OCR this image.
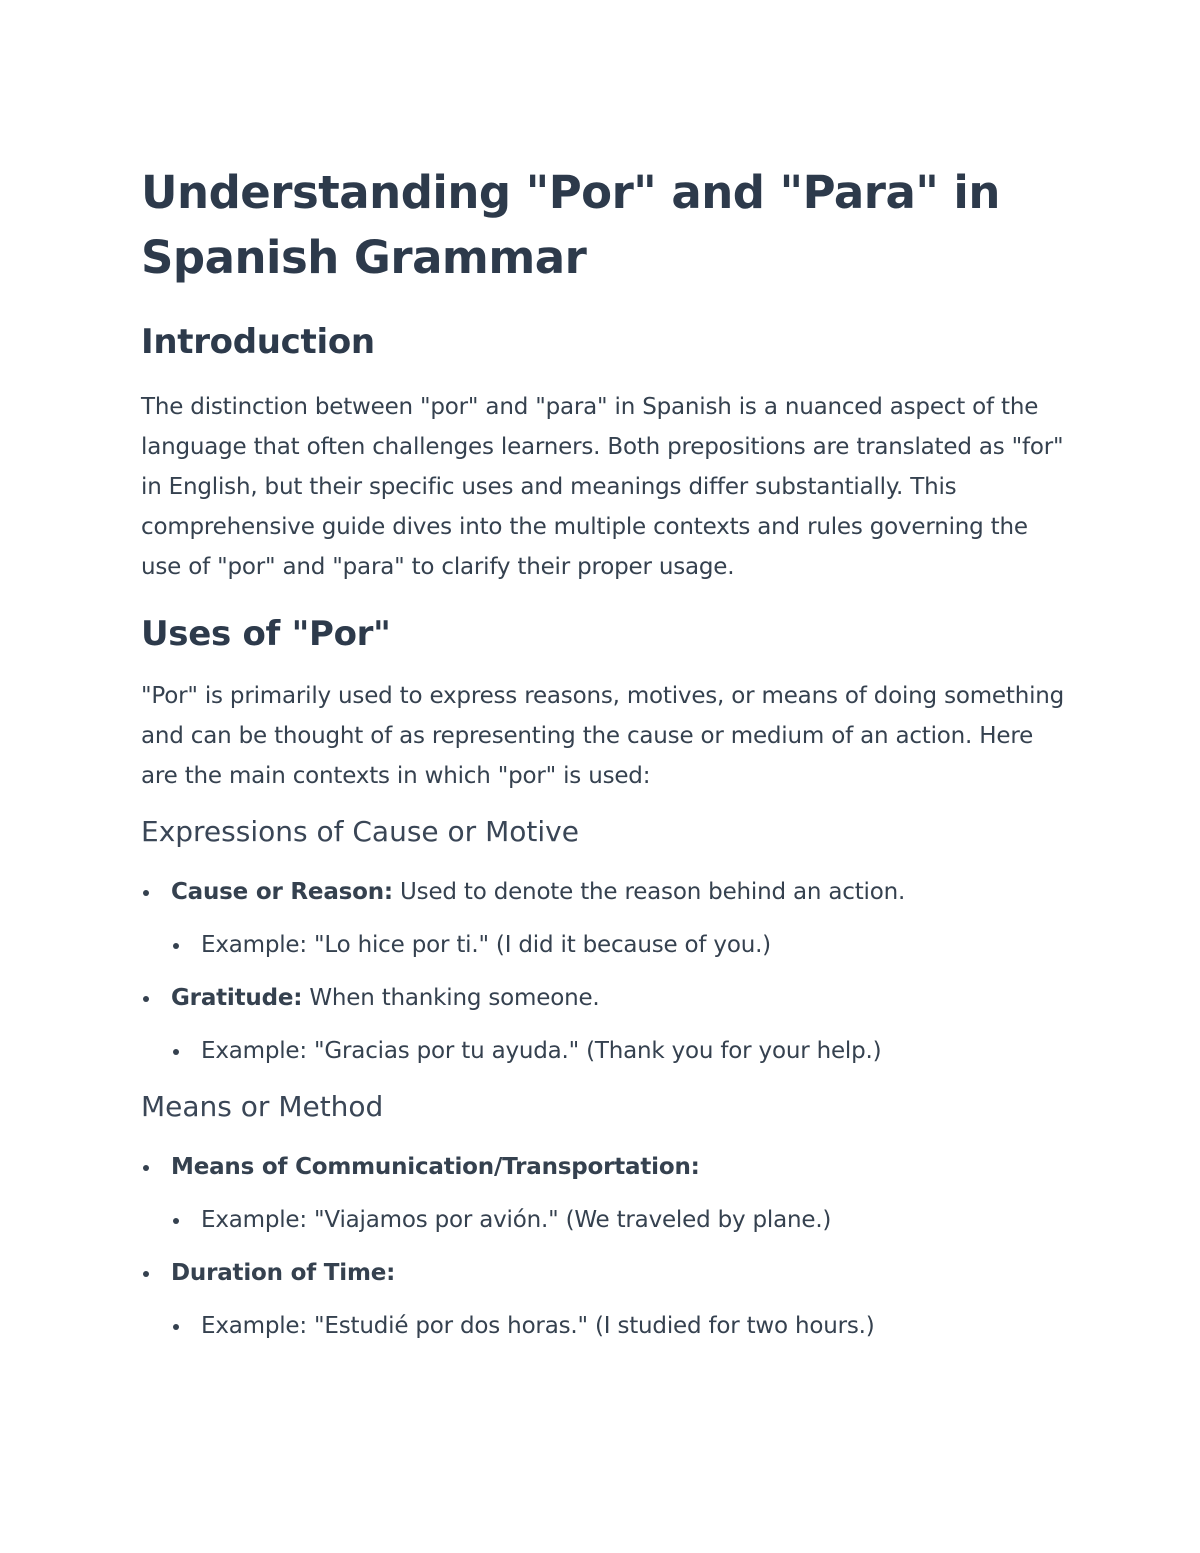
Understanding "Por" and "Para" in Spanish Grammar
Introduction

The distinction between "por" and "para" in Spanish is a nuanced aspect of the language that often challenges learners. Both prepositions are translated as "for" in English, but their specific uses and meanings differ substantially. This comprehensive guide dives into the multiple contexts and rules governing the use of "por" and "para" to clarify their proper usage.

Uses of "Por"

"Por" is primarily used to express reasons, motives, or means of doing something and can be thought of as representing the cause or medium of an action. Here are the main contexts in which "por" is used:

Expressions of Cause or Motive
Cause or Reason: Used to denote the reason behind an action.
Example: "Lo hice por ti." (I did it because of you.)
Gratitude: When thanking someone.
Example: "Gracias por tu ayuda." (Thank you for your help.)
Means or Method
Means of Communication/Transportation:
Example: "Viajamos por avión." (We traveled by plane.)
Duration of Time:
Example: "Estudié por dos horas." (I studied for two hours.)
